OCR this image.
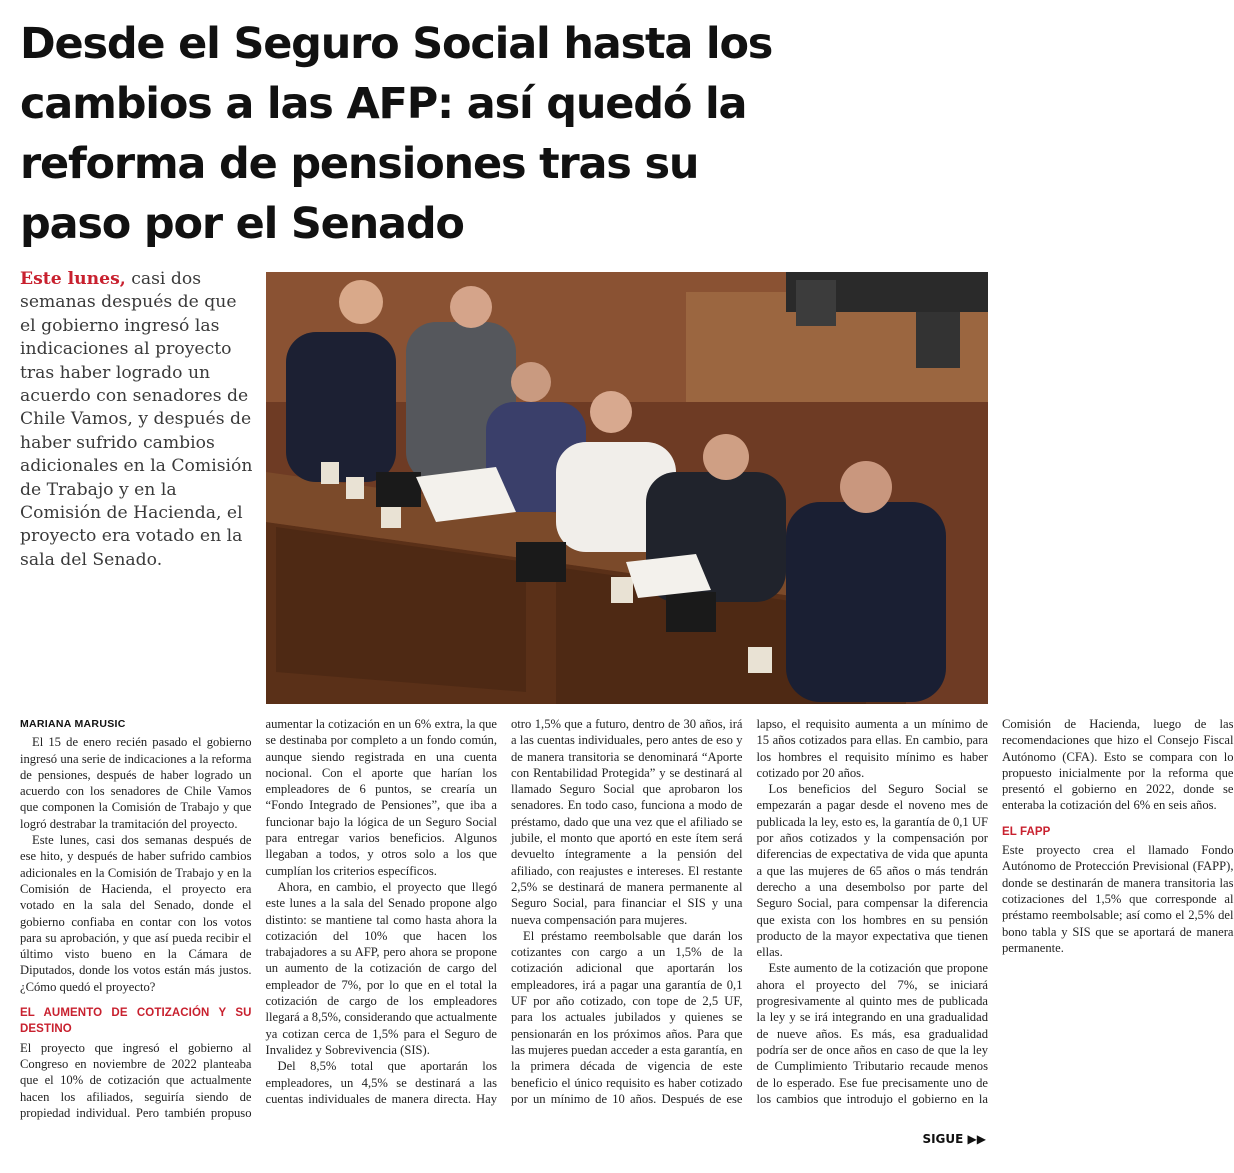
Desde el Seguro Social hasta los cambios a las AFP: así quedó la reforma de pensiones tras su paso por el Senado

Este lunes, casi dos semanas después de que el gobierno ingresó las indicaciones al proyecto tras haber logrado un acuerdo con senadores de Chile Vamos, y después de haber sufrido cambios adicionales en la Comisión de Trabajo y en la Comisión de Hacienda, el proyecto era votado en la sala del Senado.

MARIANA MARUSIC

El 15 de enero recién pasado el gobierno ingresó una serie de indicaciones a la reforma de pensiones, después de haber logrado un acuerdo con los senadores de Chile Vamos que componen la Comisión de Trabajo y que logró destrabar la tramitación del proyecto.

Este lunes, casi dos semanas después de ese hito, y después de haber sufrido cambios adicionales en la Comisión de Trabajo y en la Comisión de Hacienda, el proyecto era votado en la sala del Senado, donde el gobierno confiaba en contar con los votos para su aprobación, y que así pueda recibir el último visto bueno en la Cámara de Diputados, donde los votos están más justos. ¿Cómo quedó el proyecto?

EL AUMENTO DE COTIZACIÓN Y SU DESTINO

El proyecto que ingresó el gobierno al Congreso en noviembre de 2022 planteaba que el 10% de cotización que actualmente hacen los afiliados, seguiría siendo de propiedad individual. Pero también propuso aumentar la cotización en un 6% extra, la que se destinaba por completo a un fondo común, aunque siendo registrada en una cuenta nocional. Con el aporte que harían los empleadores de 6 puntos, se crearía un “Fondo Integrado de Pensiones”, que iba a funcionar bajo la lógica de un Seguro Social para entregar varios beneficios. Algunos llegaban a todos, y otros solo a los que cumplían los criterios específicos.

Ahora, en cambio, el proyecto que llegó este lunes a la sala del Senado propone algo distinto: se mantiene tal como hasta ahora la cotización del 10% que hacen los trabajadores a su AFP, pero ahora se propone un aumento de la cotización de cargo del empleador de 7%, por lo que en el total la cotización de cargo de los empleadores llegará a 8,5%, considerando que actualmente ya cotizan cerca de 1,5% para el Seguro de Invalidez y Sobrevivencia (SIS).

Del 8,5% total que aportarán los empleadores, un 4,5% se destinará a las cuentas individuales de manera directa. Hay otro 1,5% que a futuro, dentro de 30 años, irá a las cuentas individuales, pero antes de eso y de manera transitoria se denominará “Aporte con Rentabilidad Protegida” y se destinará al llamado Seguro Social que aprobaron los senadores. En todo caso, funciona a modo de préstamo, dado que una vez que el afiliado se jubile, el monto que aportó en este ítem será devuelto íntegramente a la pensión del afiliado, con reajustes e intereses. El restante 2,5% se destinará de manera permanente al Seguro Social, para financiar el SIS y una nueva compensación para mujeres.

El préstamo reembolsable que darán los cotizantes con cargo a un 1,5% de la cotización adicional que aportarán los empleadores, irá a pagar una garantía de 0,1 UF por año cotizado, con tope de 2,5 UF, para los actuales jubilados y quienes se pensionarán en los próximos años. Para que las mujeres puedan acceder a esta garantía, en la primera década de vigencia de este beneficio el único requisito es haber cotizado por un mínimo de 10 años. Después de ese lapso, el requisito aumenta a un mínimo de 15 años cotizados para ellas. En cambio, para los hombres el requisito mínimo es haber cotizado por 20 años.

Los beneficios del Seguro Social se empezarán a pagar desde el noveno mes de publicada la ley, esto es, la garantía de 0,1 UF por años cotizados y la compensación por diferencias de expectativa de vida que apunta a que las mujeres de 65 años o más tendrán derecho a una desembolso por parte del Seguro Social, para compensar la diferencia que exista con los hombres en su pensión producto de la mayor expectativa que tienen ellas.

Este aumento de la cotización que propone ahora el proyecto del 7%, se iniciará progresivamente al quinto mes de publicada la ley y se irá integrando en una gradualidad de nueve años. Es más, esa gradualidad podría ser de once años en caso de que la ley de Cumplimiento Tributario recaude menos de lo esperado. Ese fue precisamente uno de los cambios que introdujo el gobierno en la Comisión de Hacienda, luego de las recomendaciones que hizo el Consejo Fiscal Autónomo (CFA). Esto se compara con lo propuesto inicialmente por la reforma que presentó el gobierno en 2022, donde se enteraba la cotización del 6% en seis años.

EL FAPP

Este proyecto crea el llamado Fondo Autónomo de Protección Previsional (FAPP), donde se destinarán de manera transitoria las cotizaciones del 1,5% que corresponde al préstamo reembolsable; así como el 2,5% del bono tabla y SIS que se aportará de manera permanente.

SIGUE ▶▶
